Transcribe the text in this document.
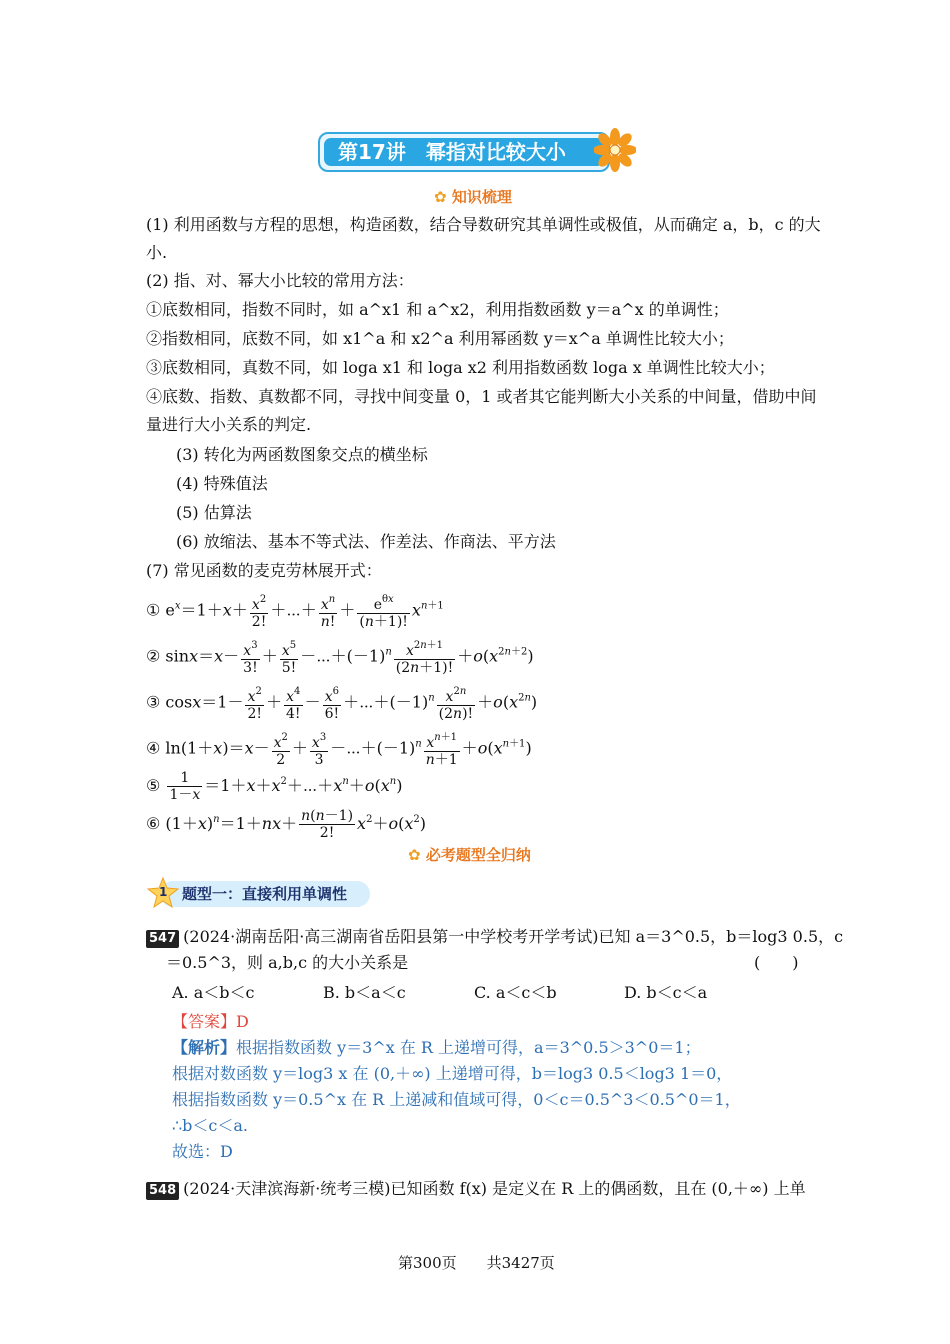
第17讲　幂指对比较大小
✿ 知识梳理
(1) 利用函数与方程的思想，构造函数，结合导数研究其单调性或极值，从而确定 a，b，c 的大
小.
(2) 指、对、幂大小比较的常用方法：
①底数相同，指数不同时，如 a^x1 和 a^x2，利用指数函数 y＝a^x 的单调性；
②指数相同，底数不同，如 x1^a 和 x2^a 利用幂函数 y＝x^a 单调性比较大小；
③底数相同，真数不同，如 loga x1 和 loga x2 利用指数函数 loga x 单调性比较大小；
④底数、指数、真数都不同，寻找中间变量 0，1 或者其它能判断大小关系的中间量，借助中间
量进行大小关系的判定.
(3) 转化为两函数图象交点的横坐标
(4) 特殊值法
(5) 估算法
(6) 放缩法、基本不等式法、作差法、作商法、平方法
(7) 常见函数的麦克劳林展开式：
① $e^x=1+x+ \frac{x^2}{2!}$ ＋⋯＋ $\frac{x^n}{n!} + \frac{e^{\theta x}}{(n+1)!} x^{n+1}$
② $\sin x=x- \frac{x^3}{3!} + \frac{x^5}{5!}$ $-\cdots+(-1)^n \frac{x^{2n+1}}{(2n+1)!} +o(x^{2n+2})$
③ $\cos x=1- \frac{x^2}{2!} + \frac{x^4}{4!} - \frac{x^6}{6!}$ $+\cdots+(-1)^n \frac{x^{2n}}{(2n)!} +o(x^{2n})$
④ $\ln(1+x)=x- \frac{x^2}{2} + \frac{x^3}{3}$ $-\cdots+(-1)^n \frac{x^{n+1}}{n+1} +o(x^{n+1})$
⑤ $\frac{1}{1-x}$ $=1+x+x^2+\cdots+x^n+o(x^n)$
⑥ $(1+x)^n=1+nx+ \frac{n(n-1)}{2!} x^2+o(x^2)$
✿ 必考题型全归纳
1 题型一：直接利用单调性
547 (2024·湖南岳阳·高三湖南省岳阳县第一中学校考开学考试)已知 a＝3^0.5，b＝log3 0.5，c
＝0.5^3，则 a,b,c 的大小关系是	(　　)
A. a＜b＜c	B. b＜a＜c	C. a＜c＜b	D. b＜c＜a
【答案】D
【解析】根据指数函数 y＝3^x 在 R 上递增可得，a＝3^0.5＞3^0＝1；
根据对数函数 y＝log3 x 在 (0,＋∞) 上递增可得，b＝log3 0.5＜log3 1＝0，
根据指数函数 y＝0.5^x 在 R 上递减和值域可得，0＜c＝0.5^3＜0.5^0＝1，
∴b＜c＜a.
故选：D
548 (2024·天津滨海新·统考三模)已知函数 f(x) 是定义在 R 上的偶函数，且在 (0,＋∞) 上单
第300页　　共3427页
